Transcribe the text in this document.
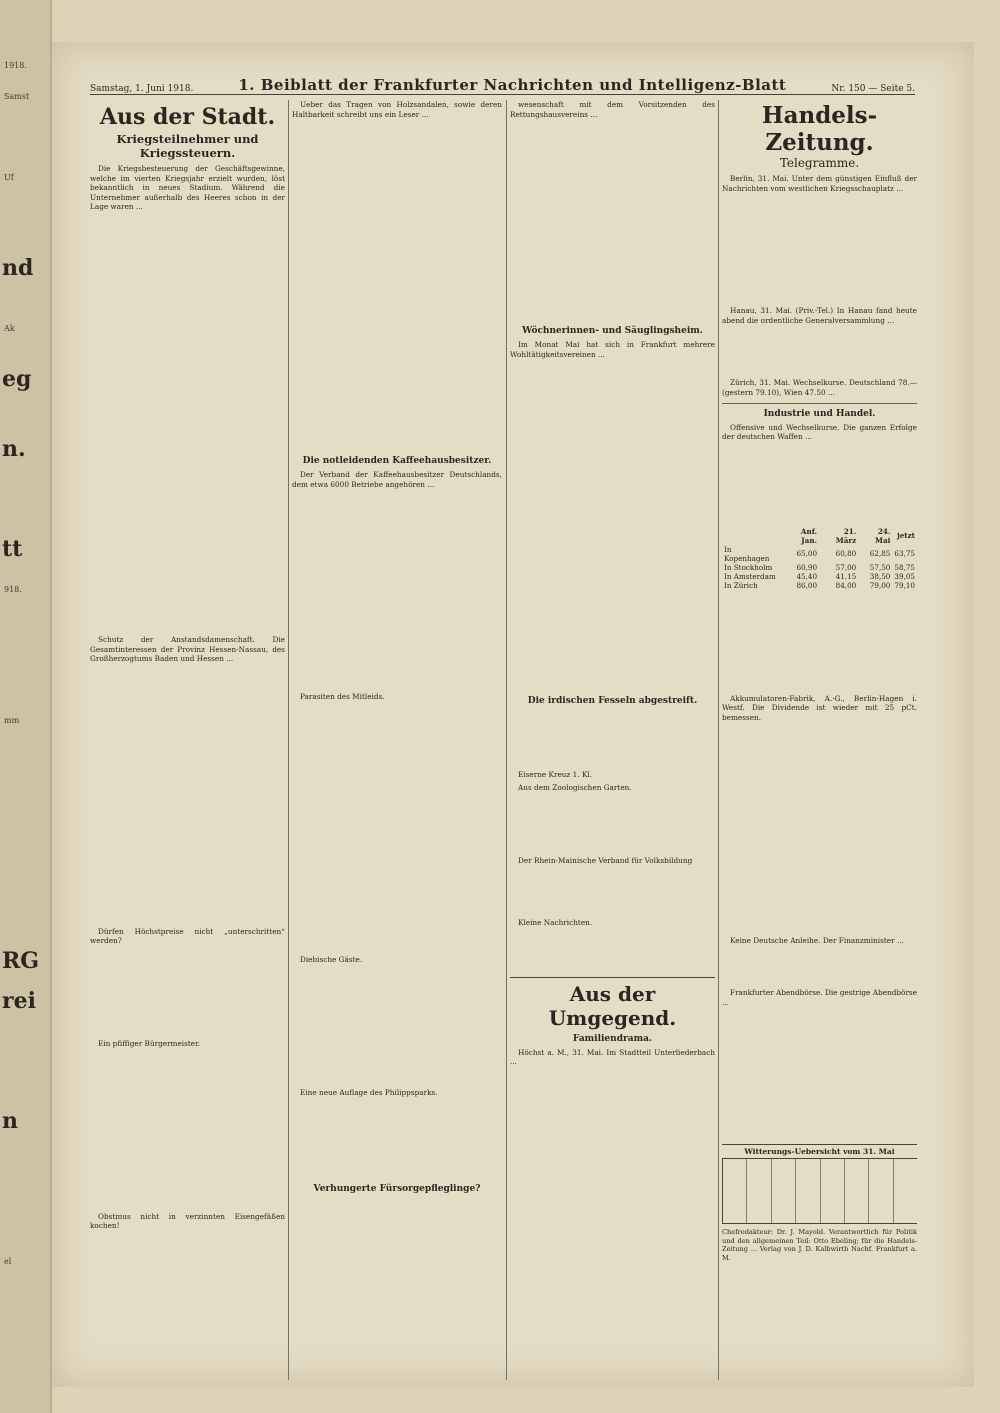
1918.
Samst
Uf
nd
Ak
eg
n.
tt
918.
mm
RG
rei
n
el
Samstag, 1. Juni 1918.	1. Beiblatt der Frankfurter Nachrichten und Intelligenz-Blatt	Nr. 150 — Seite 5.
Aus der Stadt.
Kriegsteilnehmer und Kriegssteuern.

Die Kriegsbesteuerung der Geschäftsgewinne, welche im vierten Kriegsjahr erzielt wurden, löst bekanntlich in neues Stadium. Während die Unternehmer außerhalb des Heeres schon in der Lage waren ...

Schutz der Anstandsdamenschaft. Die Gesamtinteressen der Provinz Hessen-Nassau, des Großherzogtums Baden und Hessen ...

Dürfen Höchstpreise nicht „unterschritten“ werden?

Ein pfiffiger Bürgermeister.

Obstmus nicht in verzinnten Eisengefäßen kochen!

Ueber das Tragen von Holzsandalen, sowie deren Haltbarkeit schreibt uns ein Leser ...

Die notleidenden Kaffeehausbesitzer.

Der Verband der Kaffeehausbesitzer Deutschlands, dem etwa 6000 Betriebe angehören ...

Parasiten des Mitleids.

Diebische Gäste.

Eine neue Auflage des Philippsparks.

Verhungerte Fürsorgepfleglinge?

wesenschaft mit dem Vorsitzenden des Rettungshausvereins ...

Wöchnerinnen- und Säuglingsheim.

Im Monat Mai hat sich in Frankfurt mehrere Wohltätigkeitsvereinen ...

Die irdischen Fesseln abgestreift.

Eiserne Kreuz 1. Kl.

Aus dem Zoologischen Garten.

Der Rhein-Mainische Verband für Volksbildung

Kleine Nachrichten.

Aus der Umgegend.
Familiendrama.

Höchst a. M., 31. Mai. Im Stadtteil Unterliederbach ...

Handels-Zeitung.
Telegramme.

Berlin, 31. Mai. Unter dem günstigen Einfluß der Nachrichten vom westlichen Kriegsschauplatz ...

Hanau, 31. Mai. (Priv.-Tel.) In Hanau fand heute abend die ordentliche Generalversammlung ...

Zürich, 31. Mai. Wechselkurse. Deutschland 78.— (gestern 79.10), Wien 47.50 ...

Industrie und Handel.

Offensive und Wechselkurse. Die ganzen Erfolge der deutschen Waffen ...

	Anf. Jan.	21. März	24. Mai	jetzt
In Kopenhagen	65,00	60,80	62,85	63,75
In Stockholm	60,90	57,00	57,50	58,75
In Amsterdam	45,40	41,15	38,50	39,05
In Zürich	86,00	84,00	79,00	79,10

Akkumulatoren-Fabrik, A.-G., Berlin-Hagen i. Westf. Die Dividende ist wieder mit 25 pCt. bemessen.

Keine Deutsche Anleihe. Der Finanzminister ...

Frankfurter Abendbörse. Die gestrige Abendbörse ...

Witterungs-Uebersicht vom 31. Mai
Chefredakteur: Dr. J. Mayold. Verantwortlich für Politik und den allgemeinen Teil: Otto Ebeling; für die Handels-Zeitung ... Verlag von J. D. Kalbwirth Nachf. Frankfurt a. M.
